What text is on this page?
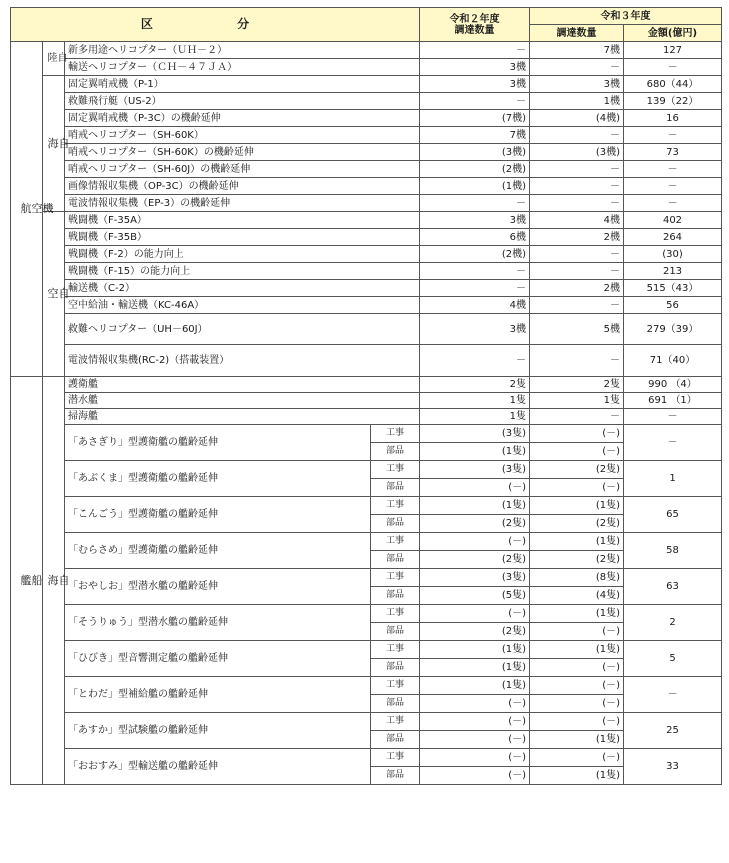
区 分				令和２年度
調達数量	令和３年度	
					調達数量	金額(億円)
航空機	陸自	新多用途ヘリコプター（ＵＨ－２）		－	7機	127
		輸送ヘリコプター（ＣＨ－４７ＪＡ）		3機	－	－
	海自	固定翼哨戒機（P-1）		3機	3機	680（44）
		救難飛行艇（US-2）		－	1機	139（22）
		固定翼哨戒機（P-3C）の機齢延伸		(7機)	(4機)	16
		哨戒ヘリコプター（SH-60K）		7機	－	－
		哨戒ヘリコプター（SH-60K）の機齢延伸		(3機)	(3機)	73
		哨戒ヘリコプター（SH-60J）の機齢延伸		(2機)	－	－
		画像情報収集機（OP-3C）の機齢延伸		(1機)	－	－
		電波情報収集機（EP-3）の機齢延伸		－	－	－
	空自	戦闘機（F-35A）		3機	4機	402
		戦闘機（F-35B）		6機	2機	264
		戦闘機（F-2）の能力向上		(2機)	－	(30)
		戦闘機（F-15）の能力向上		－	－	213
		輸送機（C-2）		－	2機	515（43）
		空中給油・輸送機（KC-46A）		4機	－	56
		救難ヘリコプター（UH－60J）		3機	5機	279（39）
		電波情報収集機(RC-2)（搭載装置）		－	－	71（40）
艦船	海自	護衛艦		2隻	2隻	990 （4）
		潜水艦		1隻	1隻	691 （1）
		掃海艦		1隻	－	－
		「あさぎり」型護衛艦の艦齢延伸	工事	(3隻)	(－)	－
			部品	(1隻)	(－)	
		「あぶくま」型護衛艦の艦齢延伸	工事	(3隻)	(2隻)	1
			部品	(－)	(－)	
		「こんごう」型護衛艦の艦齢延伸	工事	(1隻)	(1隻)	65
			部品	(2隻)	(2隻)	
		「むらさめ」型護衛艦の艦齢延伸	工事	(－)	(1隻)	58
			部品	(2隻)	(2隻)	
		「おやしお」型潜水艦の艦齢延伸	工事	(3隻)	(8隻)	63
			部品	(5隻)	(4隻)	
		「そうりゅう」型潜水艦の艦齢延伸	工事	(－)	(1隻)	2
			部品	(2隻)	(－)	
		「ひびき」型音響測定艦の艦齢延伸	工事	(1隻)	(1隻)	5
			部品	(1隻)	(－)	
		「とわだ」型補給艦の艦齢延伸	工事	(1隻)	(－)	－
			部品	(－)	(－)	
		「あすか」型試験艦の艦齢延伸	工事	(－)	(－)	25
			部品	(－)	(1隻)	
		「おおすみ」型輸送艦の艦齢延伸	工事	(－)	(－)	33
			部品	(－)	(1隻)	
